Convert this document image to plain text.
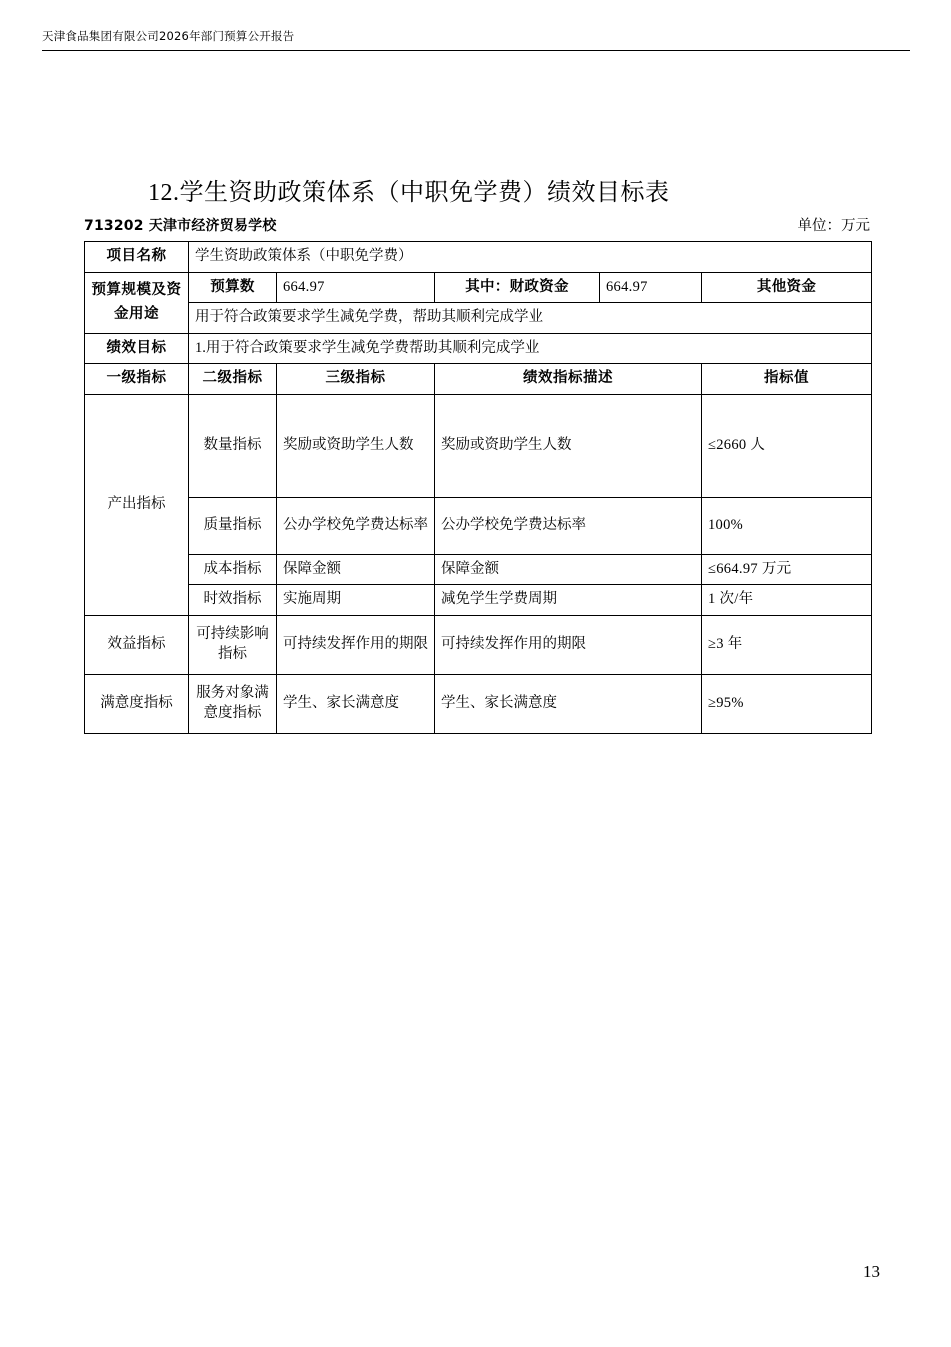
天津食品集团有限公司2026年部门预算公开报告
12.学生资助政策体系（中职免学费）绩效目标表
713202 天津市经济贸易学校	单位：万元
项目名称	学生资助政策体系（中职免学费）				
预算规模及资金用途	预算数	664.97	其中：财政资金	664.97	其他资金
	用于符合政策要求学生减免学费，帮助其顺利完成学业				
绩效目标	1.用于符合政策要求学生减免学费帮助其顺利完成学业				
一级指标	二级指标	三级指标	绩效指标描述		指标值
产出指标	数量指标	奖励或资助学生人数	奖励或资助学生人数		≤2660 人
	质量指标	公办学校免学费达标率	公办学校免学费达标率		100%
	成本指标	保障金额	保障金额		≤664.97 万元
	时效指标	实施周期	减免学生学费周期		1 次/年
效益指标	可持续影响指标	可持续发挥作用的期限	可持续发挥作用的期限		≥3 年
满意度指标	服务对象满意度指标	学生、家长满意度	学生、家长满意度		≥95%
13
